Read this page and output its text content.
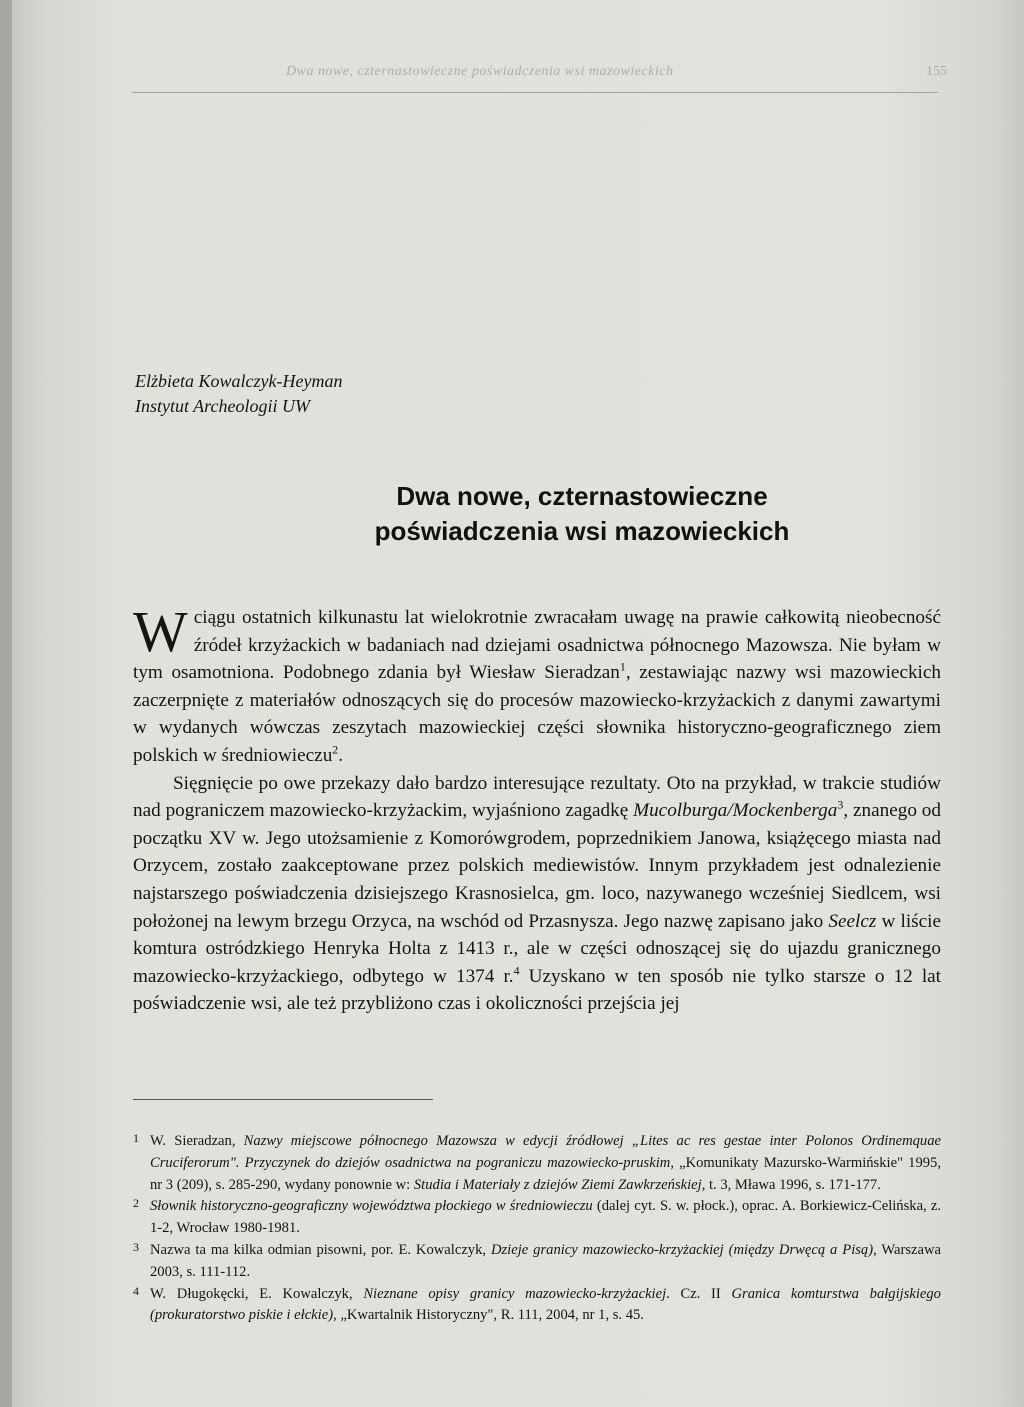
Dwa nowe, czternastowieczne poświadczenia wsi mazowieckich	155
Elżbieta Kowalczyk-Heyman
Instytut Archeologii UW
Dwa nowe, czternastowieczne
poświadczenia wsi mazowieckich

Wciągu ostatnich kilkunastu lat wielokrotnie zwracałam uwagę na prawie całkowitą nieobecność źródeł krzyżackich w badaniach nad dziejami osadnictwa północnego Mazowsza. Nie byłam w tym osamotniona. Podobnego zdania był Wiesław Sieradzan$^1$, zestawiając nazwy wsi mazowieckich zaczerpnięte z materiałów odnoszących się do procesów mazowiecko-krzyżackich z danymi zawartymi w wydanych wówczas zeszytach mazowieckiej części słownika historyczno-geograficznego ziem polskich w średniowieczu$^2$.

Sięgnięcie po owe przekazy dało bardzo interesujące rezultaty. Oto na przykład, w trakcie studiów nad pograniczem mazowiecko-krzyżackim, wyjaśniono zagadkę Mucolburga/Mockenberga$^3$, znanego od początku XV w. Jego utożsamienie z Komorówgrodem, poprzednikiem Janowa, książęcego miasta nad Orzycem, zostało zaakceptowane przez polskich mediewistów. Innym przykładem jest odnalezienie najstarszego poświadczenia dzisiejszego Krasnosielca, gm. loco, nazywanego wcześniej Siedlcem, wsi położonej na lewym brzegu Orzyca, na wschód od Przasnysza. Jego nazwę zapisano jako Seelcz w liście komtura ostródzkiego Henryka Holta z 1413 r., ale w części odnoszącej się do ujazdu granicznego mazowiecko-krzyżackiego, odbytego w 1374 r.$^4$ Uzyskano w ten sposób nie tylko starsze o 12 lat poświadczenie wsi, ale też przybliżono czas i okoliczności przejścia jej

1 W. Sieradzan, Nazwy miejscowe północnego Mazowsza w edycji źródłowej „Lites ac res gestae inter Polonos Ordinemquae Cruciferorum". Przyczynek do dziejów osadnictwa na pograniczu mazowiecko-pruskim, „Komunikaty Mazursko-Warmińskie" 1995, nr 3 (209), s. 285-290, wydany ponownie w: Studia i Materiały z dziejów Ziemi Zawkrzeńskiej, t. 3, Mława 1996, s. 171-177.

2 Słownik historyczno-geograficzny województwa płockiego w średniowieczu (dalej cyt. S. w. płock.), oprac. A. Borkiewicz-Celińska, z. 1-2, Wrocław 1980-1981.

3 Nazwa ta ma kilka odmian pisowni, por. E. Kowalczyk, Dzieje granicy mazowiecko-krzyżackiej (między Drwęcą a Pisą), Warszawa 2003, s. 111-112.

4 W. Długokęcki, E. Kowalczyk, Nieznane opisy granicy mazowiecko-krzyżackiej. Cz. II Granica komturstwa bałgijskiego (prokuratorstwo piskie i ełckie), „Kwartalnik Historyczny", R. 111, 2004, nr 1, s. 45.
